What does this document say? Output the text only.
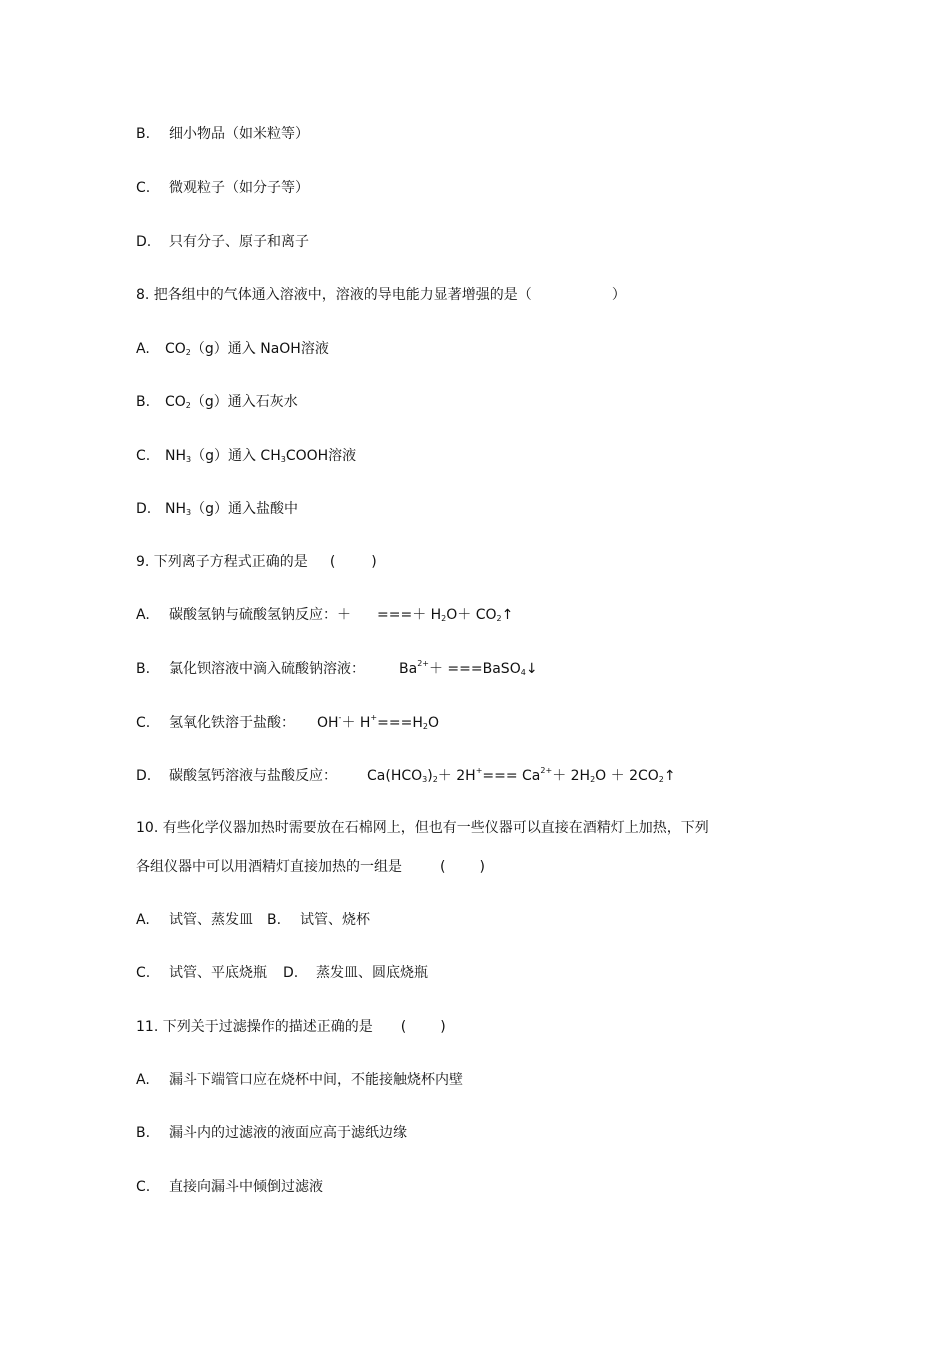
B. 细小物品（如米粒等）
C. 微观粒子（如分子等）
D. 只有分子、原子和离子
8. 把各组中的气体通入溶液中，溶液的导电能力显著增强的是（	）
A. $CO_2(g)$通入 NaOH溶液
B. $CO_2(g)$通入石灰水
C. $NH_3(g)$通入 $CH_3COOH$溶液
D. $NH_3(g)$通入盐酸中
9. 下列离子方程式正确的是 (	)
A. 碳酸氢钠与硫酸氢钠反应：＋ ===＋ $H_2O+$ $CO_2↑$
B. 氯化钡溶液中滴入硫酸钠溶液： $Ba^{2+}+$ ===BaSO$_4$↓
C. 氢氧化铁溶于盐酸： $OH^-+ H^+===H_2O$
D. 碳酸氢钙溶液与盐酸反应： $Ca(HCO_3)_2+ 2H^+=== Ca^{2+}+ 2H_2O$ ＋ $2CO_2↑$
10. 有些化学仪器加热时需要放在石棉网上，但也有一些仪器可以直接在酒精灯上加热，下列
各组仪器中可以用酒精灯直接加热的一组是	( )
A. 试管、蒸发皿 B. 试管、烧杯
C. 试管、平底烧瓶 D. 蒸发皿、圆底烧瓶
11. 下列关于过滤操作的描述正确的是 ( )
A. 漏斗下端管口应在烧杯中间，不能接触烧杯内壁
B. 漏斗内的过滤液的液面应高于滤纸边缘
C. 直接向漏斗中倾倒过滤液
